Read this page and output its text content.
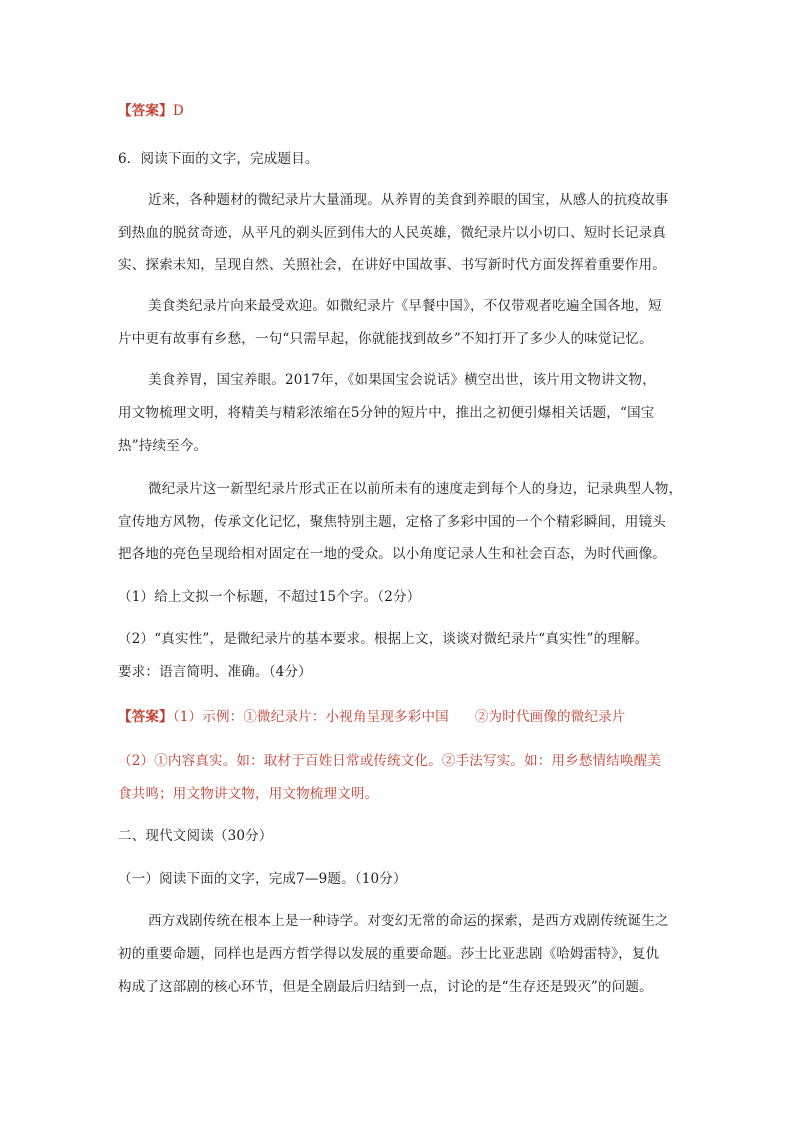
【答案】D
6．阅读下面的文字，完成题目。
近来，各种题材的微纪录片大量涌现。从养胃的美食到养眼的国宝，从感人的抗疫故事
到热血的脱贫奇迹，从平凡的剃头匠到伟大的人民英雄，微纪录片以小切口、短时长记录真
实、探索未知，呈现自然、关照社会，在讲好中国故事、书写新时代方面发挥着重要作用。
美食类纪录片向来最受欢迎。如微纪录片《早餐中国》，不仅带观者吃遍全国各地，短
片中更有故事有乡愁，一句“只需早起，你就能找到故乡”不知打开了多少人的味觉记忆。
美食养胃，国宝养眼。2017年，《如果国宝会说话》横空出世，该片用文物讲文物，
用文物梳理文明，将精美与精彩浓缩在5分钟的短片中，推出之初便引爆相关话题，“国宝
热”持续至今。
微纪录片这一新型纪录片形式正在以前所未有的速度走到每个人的身边，记录典型人物，
宣传地方风物，传承文化记忆，聚焦特别主题，定格了多彩中国的一个个精彩瞬间，用镜头
把各地的亮色呈现给相对固定在一地的受众。以小角度记录人生和社会百态，为时代画像。
（1）给上文拟一个标题，不超过15个字。（2分）
（2）“真实性”，是微纪录片的基本要求。根据上文，谈谈对微纪录片“真实性”的理解。
要求：语言简明、准确。（4分）
【答案】（1）示例：①微纪录片：小视角呈现多彩中国 ②为时代画像的微纪录片
（2）①内容真实。如：取材于百姓日常或传统文化。②手法写实。如：用乡愁情结唤醒美
食共鸣；用文物讲文物，用文物梳理文明。
二、现代文阅读（30分）
（一）阅读下面的文字，完成7—9题。（10分）
西方戏剧传统在根本上是一种诗学。对变幻无常的命运的探索，是西方戏剧传统诞生之
初的重要命题，同样也是西方哲学得以发展的重要命题。莎士比亚悲剧《哈姆雷特》，复仇
构成了这部剧的核心环节，但是全剧最后归结到一点，讨论的是“生存还是毁灭”的问题。
